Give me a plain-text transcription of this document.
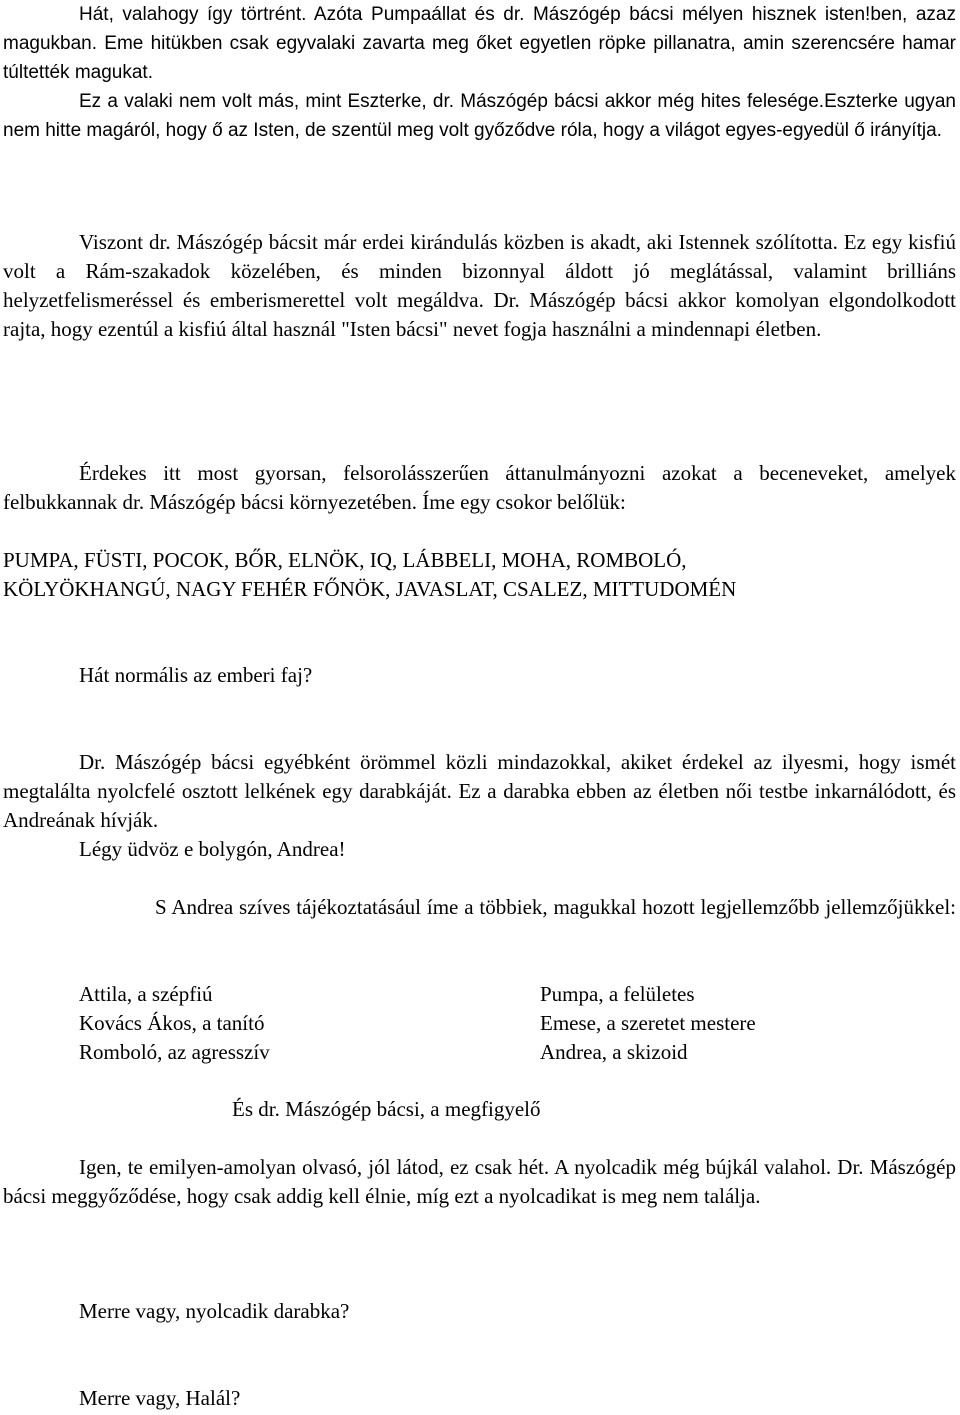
Hát, valahogy így törtrént. Azóta Pumpaállat és dr. Mászógép bácsi mélyen hisznek isten!ben, azaz magukban. Eme hitükben csak egyvalaki zavarta meg őket egyetlen röpke pillanatra, amin szerencsére hamar túltették magukat.

Ez a valaki nem volt más, mint Eszterke, dr. Mászógép bácsi akkor még hites felesége.Eszterke ugyan nem hitte magáról, hogy ő az Isten, de szentül meg volt győződve róla, hogy a világot egyes-egyedül ő irányítja.

Viszont dr. Mászógép bácsit már erdei kirándulás közben is akadt, aki Istennek szólította. Ez egy kisfiú volt a Rám-szakadok közelében, és minden bizonnyal áldott jó meglátással, valamint brilliáns helyzetfelismeréssel és emberismerettel volt megáldva. Dr. Mászógép bácsi akkor komolyan elgondolkodott rajta, hogy ezentúl a kisfiú által használ "Isten bácsi" nevet fogja használni a mindennapi életben.

Érdekes itt most gyorsan, felsorolásszerűen áttanulmányozni azokat a beceneveket, amelyek felbukkannak dr. Mászógép bácsi környezetében. Íme egy csokor belőlük:

PUMPA, FÜSTI, POCOK, BŐR, ELNÖK, IQ, LÁBBELI, MOHA, ROMBOLÓ,

KÖLYÖKHANGÚ, NAGY FEHÉR FŐNÖK, JAVASLAT, CSALEZ, MITTUDOMÉN

Hát normális az emberi faj?

Dr. Mászógép bácsi egyébként örömmel közli mindazokkal, akiket érdekel az ilyesmi, hogy ismét megtalálta nyolcfelé osztott lelkének egy darabkáját. Ez a darabka ebben az életben női testbe inkarnálódott, és Andreának hívják.

Légy üdvöz e bolygón, Andrea!

S Andrea szíves tájékoztatásául íme a többiek, magukkal hozott legjellemzőbb jellemzőjükkel:

Attila, a szépfiú
Kovács Ákos, a tanító
Romboló, az agresszív
Pumpa, a felületes
Emese, a szeretet mestere
Andrea, a skizoid

És dr. Mászógép bácsi, a megfigyelő

Igen, te emilyen-amolyan olvasó, jól látod, ez csak hét. A nyolcadik még bújkál valahol. Dr. Mászógép bácsi meggyőződése, hogy csak addig kell élnie, míg ezt a nyolcadikat is meg nem találja.

Merre vagy, nyolcadik darabka?

Merre vagy, Halál?
